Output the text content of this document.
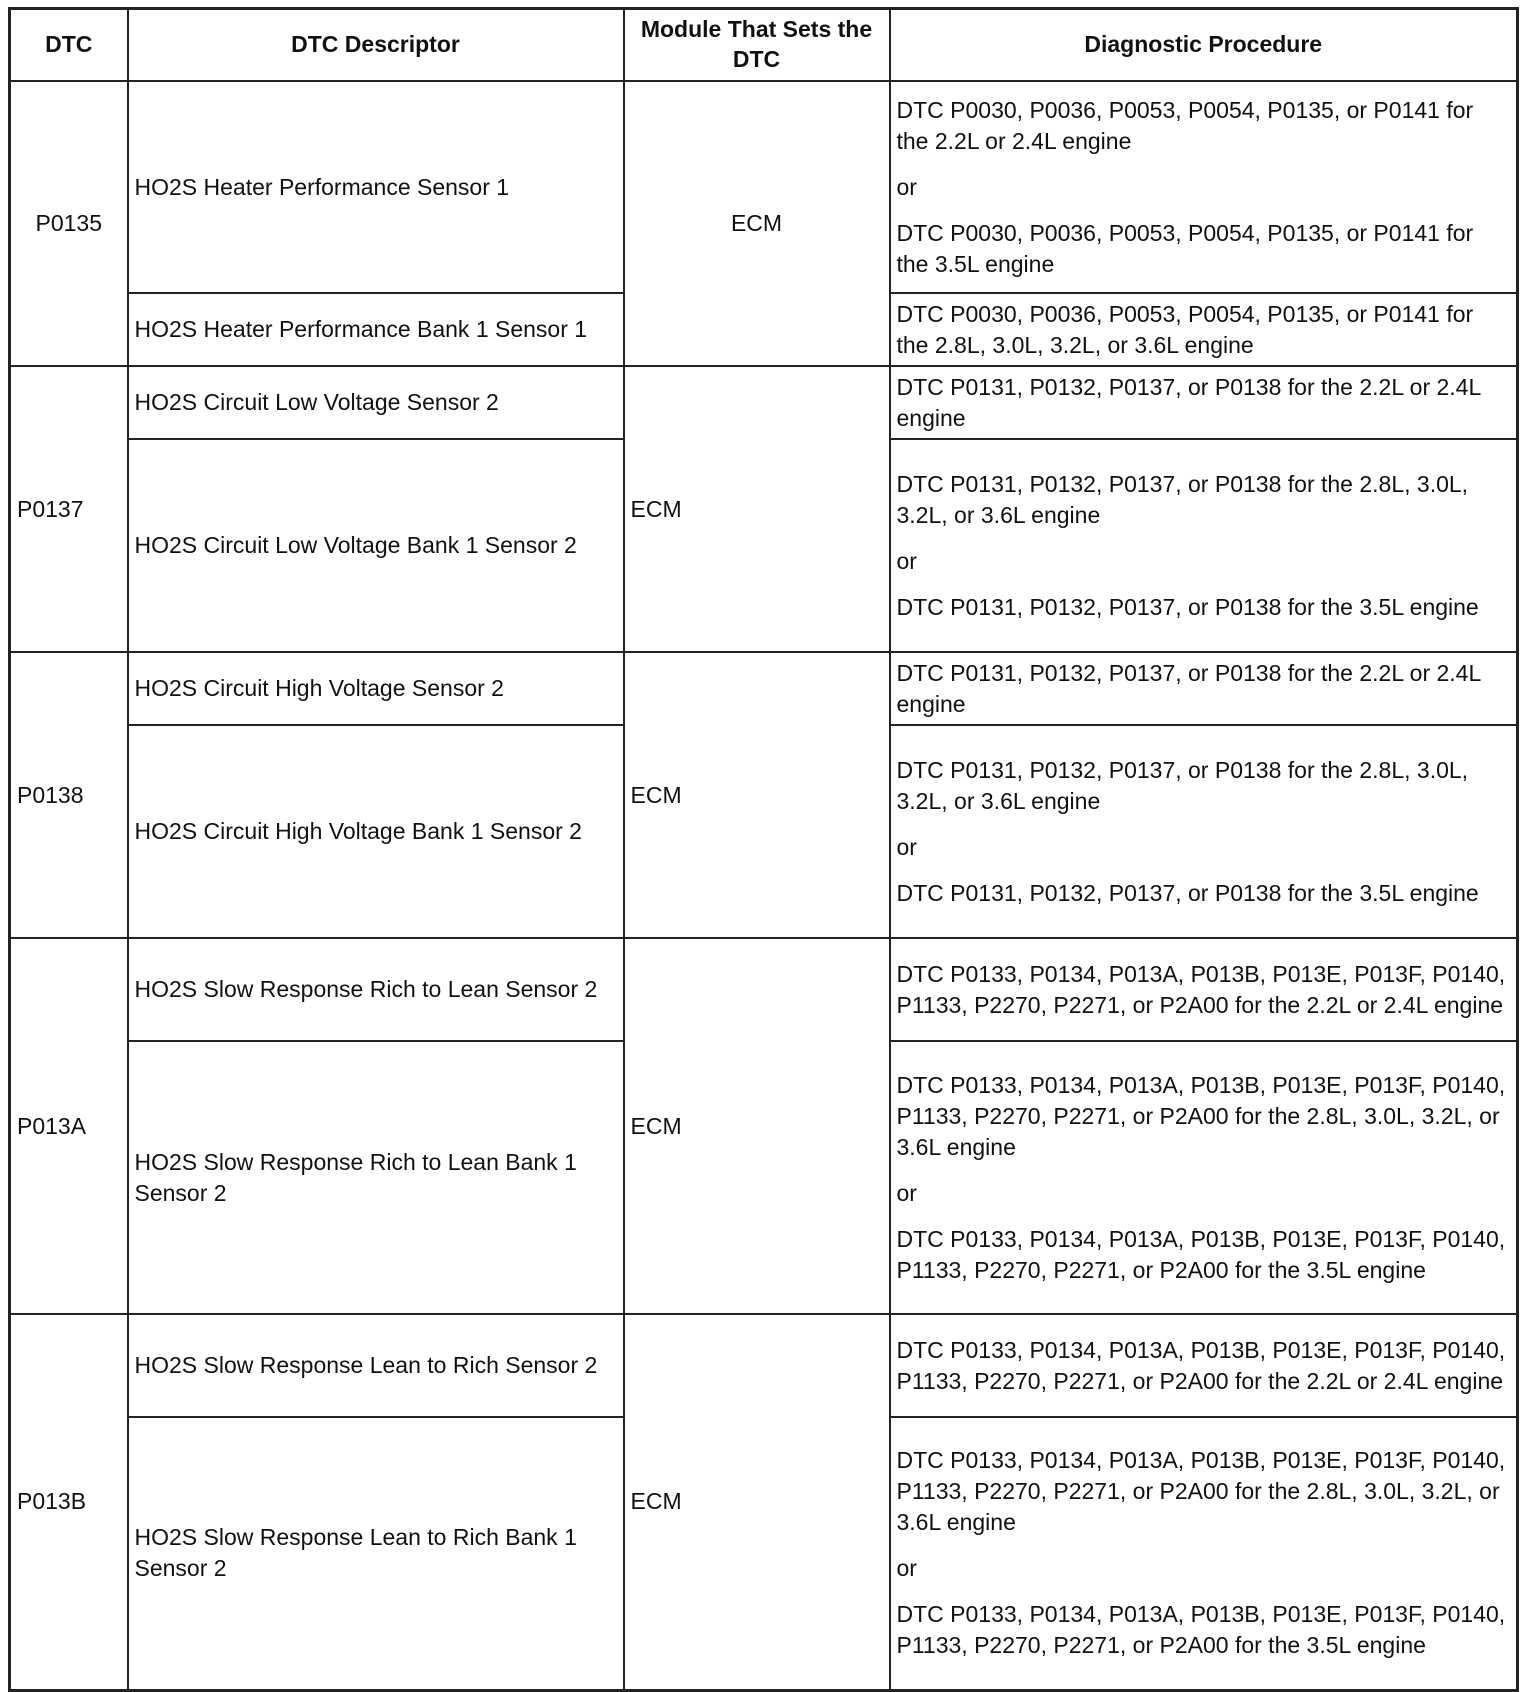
DTC	DTC Descriptor	Module That Sets the DTC	Diagnostic Procedure
P0135	HO2S Heater Performance Sensor 1	ECM	DTC P0030, P0036, P0053, P0054, P0135, or P0141 for the 2.2L or 2.4L engine
or
DTC P0030, P0036, P0053, P0054, P0135, or P0141 for the 3.5L engine

	HO2S Heater Performance Bank 1 Sensor 1		DTC P0030, P0036, P0053, P0054, P0135, or P0141 for the 2.8L, 3.0L, 3.2L, or 3.6L engine

P0137	HO2S Circuit Low Voltage Sensor 2	ECM	DTC P0131, P0132, P0137, or P0138 for the 2.2L or 2.4L engine

	HO2S Circuit Low Voltage Bank 1 Sensor 2		DTC P0131, P0132, P0137, or P0138 for the 2.8L, 3.0L, 3.2L, or 3.6L engine
or
DTC P0131, P0132, P0137, or P0138 for the 3.5L engine

P0138	HO2S Circuit High Voltage Sensor 2	ECM	DTC P0131, P0132, P0137, or P0138 for the 2.2L or 2.4L engine

	HO2S Circuit High Voltage Bank 1 Sensor 2		DTC P0131, P0132, P0137, or P0138 for the 2.8L, 3.0L, 3.2L, or 3.6L engine
or
DTC P0131, P0132, P0137, or P0138 for the 3.5L engine

P013A	HO2S Slow Response Rich to Lean Sensor 2	ECM	DTC P0133, P0134, P013A, P013B, P013E, P013F, P0140, P1133, P2270, P2271, or P2A00 for the 2.2L or 2.4L engine

	HO2S Slow Response Rich to Lean Bank 1 Sensor 2		DTC P0133, P0134, P013A, P013B, P013E, P013F, P0140, P1133, P2270, P2271, or P2A00 for the 2.8L, 3.0L, 3.2L, or 3.6L engine
or
DTC P0133, P0134, P013A, P013B, P013E, P013F, P0140, P1133, P2270, P2271, or P2A00 for the 3.5L engine

P013B	HO2S Slow Response Lean to Rich Sensor 2	ECM	DTC P0133, P0134, P013A, P013B, P013E, P013F, P0140, P1133, P2270, P2271, or P2A00 for the 2.2L or 2.4L engine

	HO2S Slow Response Lean to Rich Bank 1 Sensor 2		DTC P0133, P0134, P013A, P013B, P013E, P013F, P0140, P1133, P2270, P2271, or P2A00 for the 2.8L, 3.0L, 3.2L, or 3.6L engine
or
DTC P0133, P0134, P013A, P013B, P013E, P013F, P0140, P1133, P2270, P2271, or P2A00 for the 3.5L engine
